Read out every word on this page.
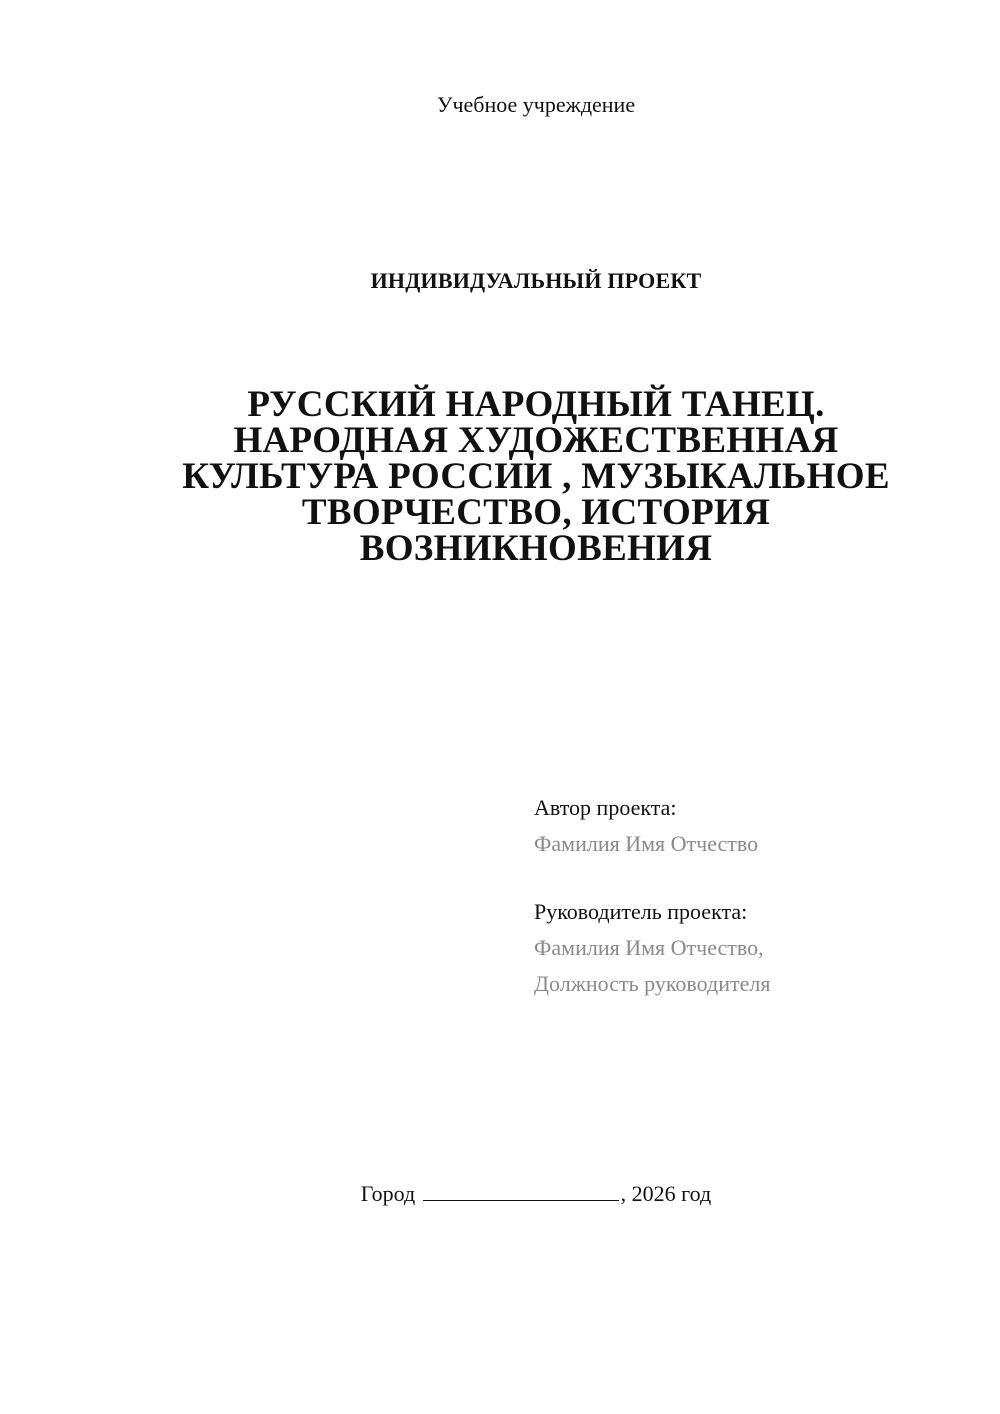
Учебное учреждение
ИНДИВИДУАЛЬНЫЙ ПРОЕКТ
РУССКИЙ НАРОДНЫЙ ТАНЕЦ.
НАРОДНАЯ ХУДОЖЕСТВЕННАЯ
КУЛЬТУРА РОССИИ , МУЗЫКАЛЬНОЕ
ТВОРЧЕСТВО, ИСТОРИЯ
ВОЗНИКНОВЕНИЯ
Автор проекта:
Фамилия Имя Отчество
Руководитель проекта:
Фамилия Имя Отчество,
Должность руководителя
Город	, 2026 год
